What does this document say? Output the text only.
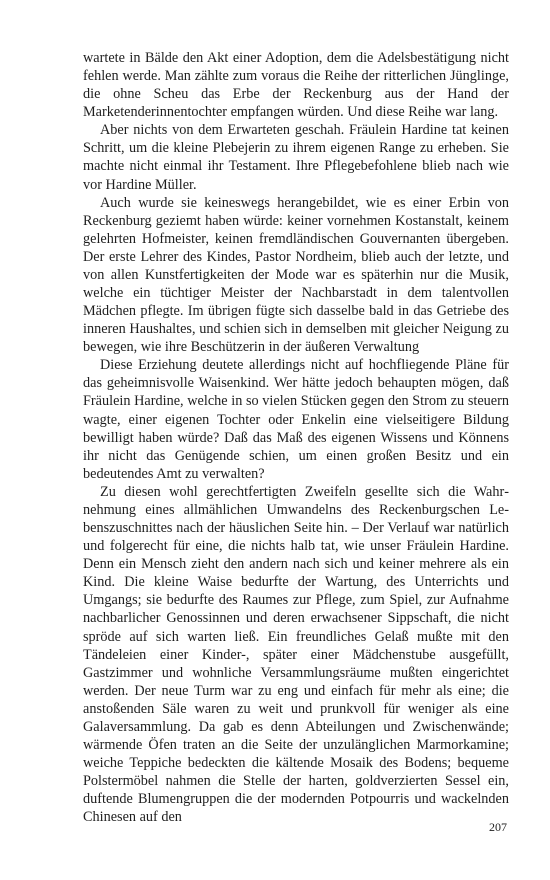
wartete in Bälde den Akt einer Adoption, dem die Adelsbestätigung nicht fehlen werde. Man zählte zum voraus die Reihe der ritterlichen Jünglinge, die ohne Scheu das Erbe der Reckenburg aus der Hand der Marketenderinnentochter empfangen würden. Und diese Reihe war lang.

Aber nichts von dem Erwarteten geschah. Fräulein Hardine tat keinen Schritt, um die kleine Plebejerin zu ihrem eigenen Range zu erheben. Sie machte nicht einmal ihr Testament. Ihre Pflegebefohlene blieb nach wie vor Hardine Müller.

Auch wurde sie keineswegs herangebildet, wie es einer Erbin von Reckenburg geziemt haben würde: keiner vornehmen Kostanstalt, keinem gelehrten Hofmeister, keinen fremdländischen Gouvernanten übergeben. Der erste Lehrer des Kindes, Pastor Nordheim, blieb auch der letzte, und von allen Kunstfertigkeiten der Mode war es späterhin nur die Musik, welche ein tüchtiger Meister der Nachbarstadt in dem talentvollen Mädchen pflegte. Im übrigen fügte sich dasselbe bald in das Getriebe des inneren Haushaltes, und schien sich in demselben mit gleicher Neigung zu bewegen, wie ihre Beschützerin in der äußeren Verwaltung

Diese Erziehung deutete allerdings nicht auf hochfliegende Pläne für das geheimnisvolle Waisenkind. Wer hätte jedoch behaupten mögen, daß Fräulein Hardine, welche in so vielen Stücken gegen den Strom zu steuern wagte, einer eigenen Tochter oder Enkelin eine vielseitigere Bildung bewilligt haben würde? Daß das Maß des eigenen Wissens und Könnens ihr nicht das Genügende schien, um einen großen Besitz und ein bedeutendes Amt zu verwalten?

Zu diesen wohl gerechtfertigten Zweifeln gesellte sich die Wahrnehmung eines allmählichen Umwandelns des Reckenburgschen Lebenszuschnittes nach der häuslichen Seite hin. – Der Verlauf war natürlich und folgerecht für eine, die nichts halb tat, wie unser Fräulein Hardine. Denn ein Mensch zieht den andern nach sich und keiner mehrere als ein Kind. Die kleine Waise bedurfte der Wartung, des Unterrichts und Umgangs; sie bedurfte des Raumes zur Pflege, zum Spiel, zur Aufnahme nachbarlicher Genossinnen und deren erwachsener Sippschaft, die nicht spröde auf sich warten ließ. Ein freundliches Gelaß mußte mit den Tändeleien einer Kinder-, später einer Mädchenstube ausgefüllt, Gastzimmer und wohnliche Versammlungsräume mußten eingerichtet werden. Der neue Turm war zu eng und einfach für mehr als eine; die anstoßenden Säle waren zu weit und prunkvoll für weniger als eine Galaversammlung. Da gab es denn Abteilungen und Zwischenwände; wärmende Öfen traten an die Seite der unzulänglichen Marmorkamine; weiche Teppiche bedeckten die kältende Mosaik des Bodens; bequeme Polstermöbel nahmen die Stelle der harten, goldverzierten Sessel ein, duftende Blumengruppen die der modernden Potpourris und wackelnden Chinesen auf den

207
